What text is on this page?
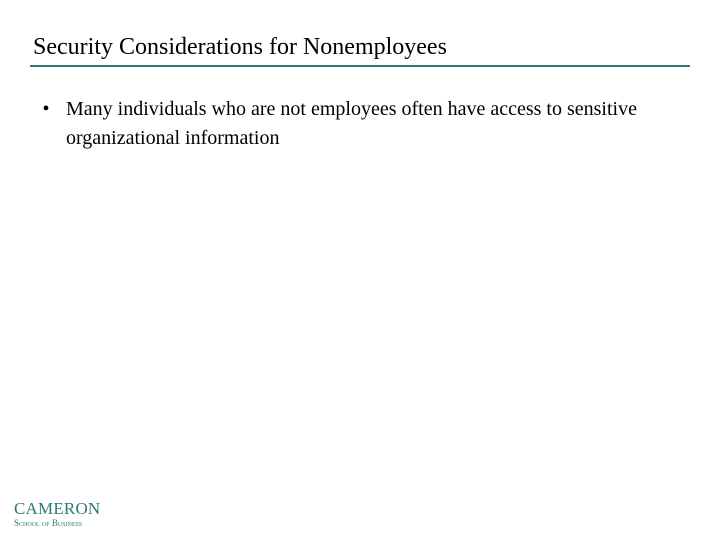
Security Considerations for Nonemployees
• Many individuals who are not employees often have access to sensitive organizational information
CAMERON
School of Business
